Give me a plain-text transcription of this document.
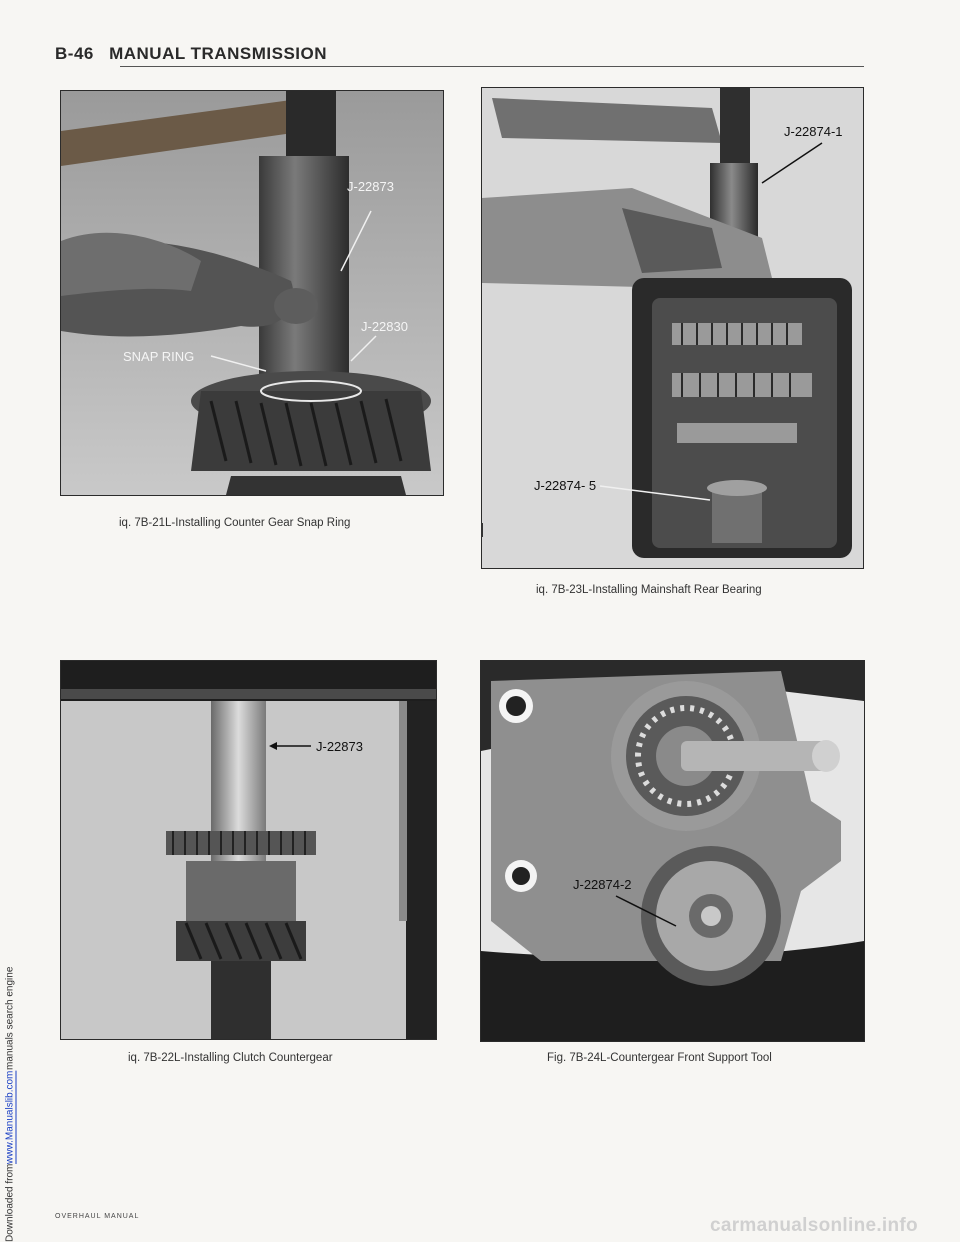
Downloaded from
www.Manualslib.com
manuals search engine
B-46 MANUAL TRANSMISSION
J-22873
J-22830
SNAP RING
iq. 7B-21L-Installing Counter Gear Snap Ring
J-22874-1
J-22874- 5
iq. 7B-23L-Installing Mainshaft Rear Bearing
J-22873
iq. 7B-22L-Installing Clutch Countergear
J-22874-2
Fig. 7B-24L-Countergear Front Support Tool
OVERHAUL MANUAL	carmanualsonline.info
